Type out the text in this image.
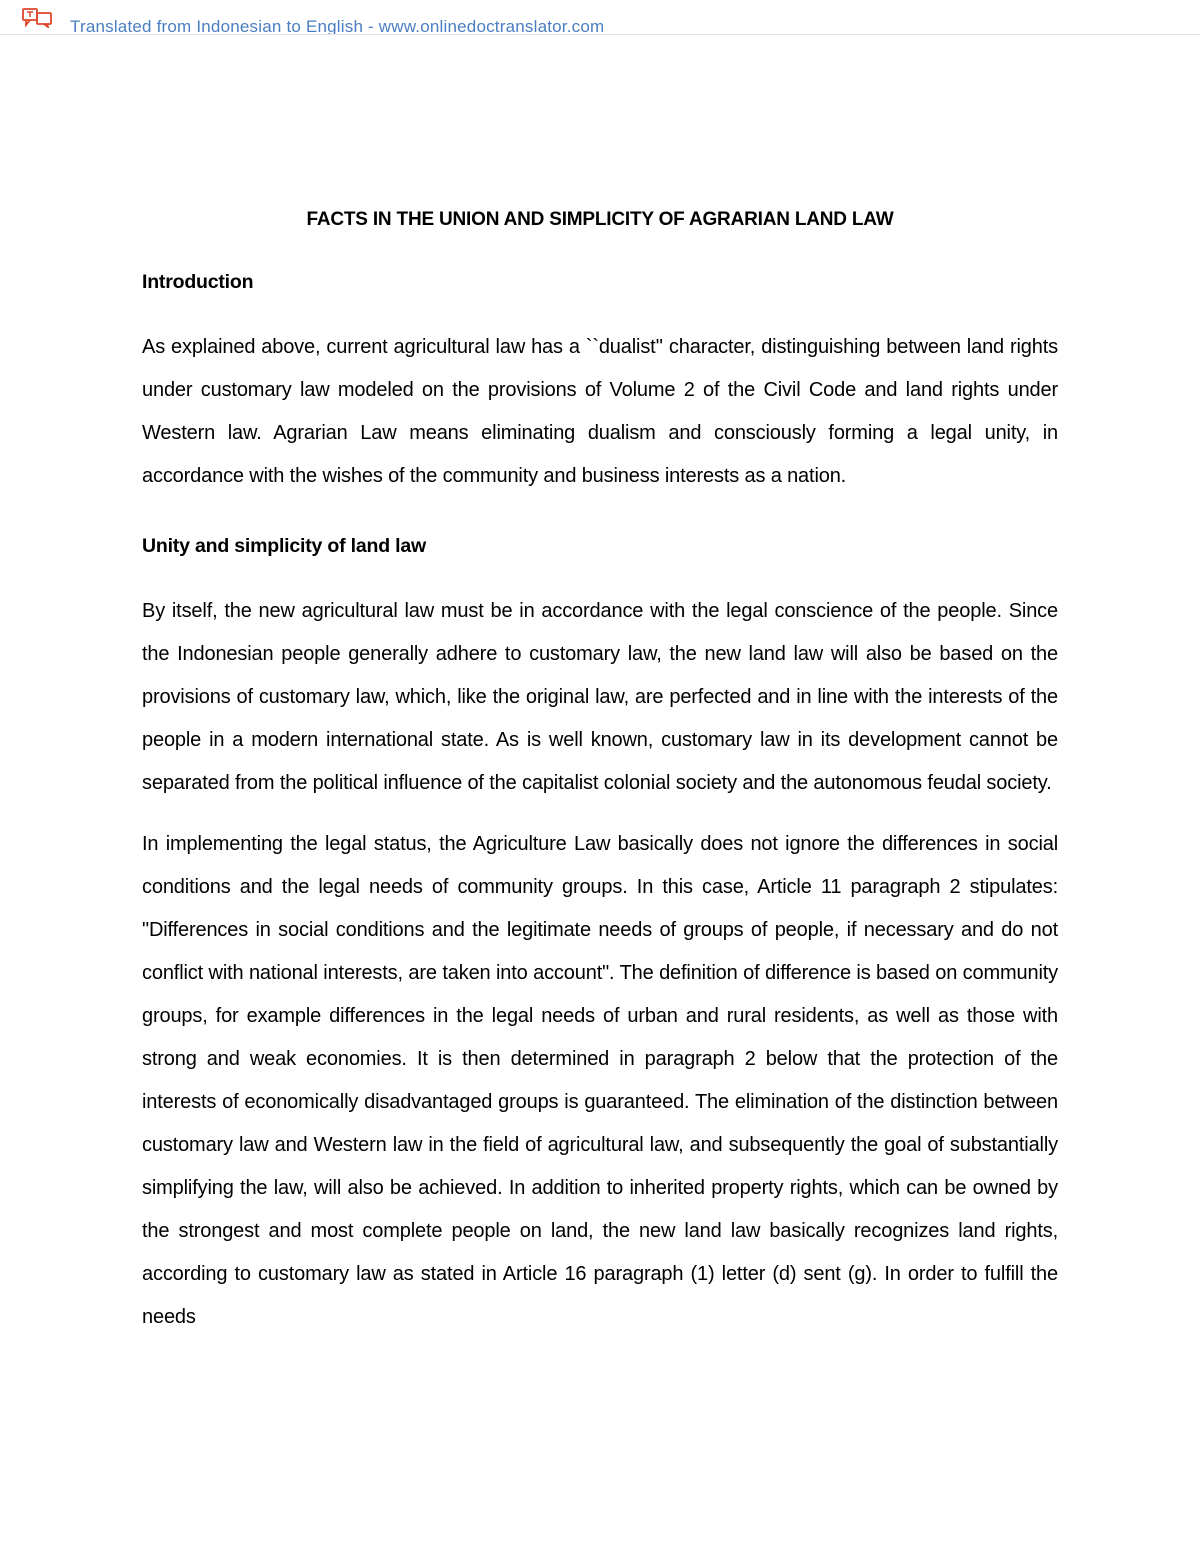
Translated from Indonesian to English - www.onlinedoctranslator.com
FACTS IN THE UNION AND SIMPLICITY OF AGRARIAN LAND LAW
Introduction

As explained above, current agricultural law has a ``dualist'' character, distinguishing between land rights under customary law modeled on the provisions of Volume 2 of the Civil Code and land rights under Western law. Agrarian Law means eliminating dualism and consciously forming a legal unity, in accordance with the wishes of the community and business interests as a nation.

Unity and simplicity of land law

By itself, the new agricultural law must be in accordance with the legal conscience of the people. Since the Indonesian people generally adhere to customary law, the new land law will also be based on the provisions of customary law, which, like the original law, are perfected and in line with the interests of the people in a modern international state. As is well known, customary law in its development cannot be separated from the political influence of the capitalist colonial society and the autonomous feudal society.

In implementing the legal status, the Agriculture Law basically does not ignore the differences in social conditions and the legal needs of community groups. In this case, Article 11 paragraph 2 stipulates: "Differences in social conditions and the legitimate needs of groups of people, if necessary and do not conflict with national interests, are taken into account". The definition of difference is based on community groups, for example differences in the legal needs of urban and rural residents, as well as those with strong and weak economies. It is then determined in paragraph 2 below that the protection of the interests of economically disadvantaged groups is guaranteed. The elimination of the distinction between customary law and Western law in the field of agricultural law, and subsequently the goal of substantially simplifying the law, will also be achieved. In addition to inherited property rights, which can be owned by the strongest and most complete people on land, the new land law basically recognizes land rights, according to customary law as stated in Article 16 paragraph (1) letter (d) sent (g). In order to fulfill the needs
